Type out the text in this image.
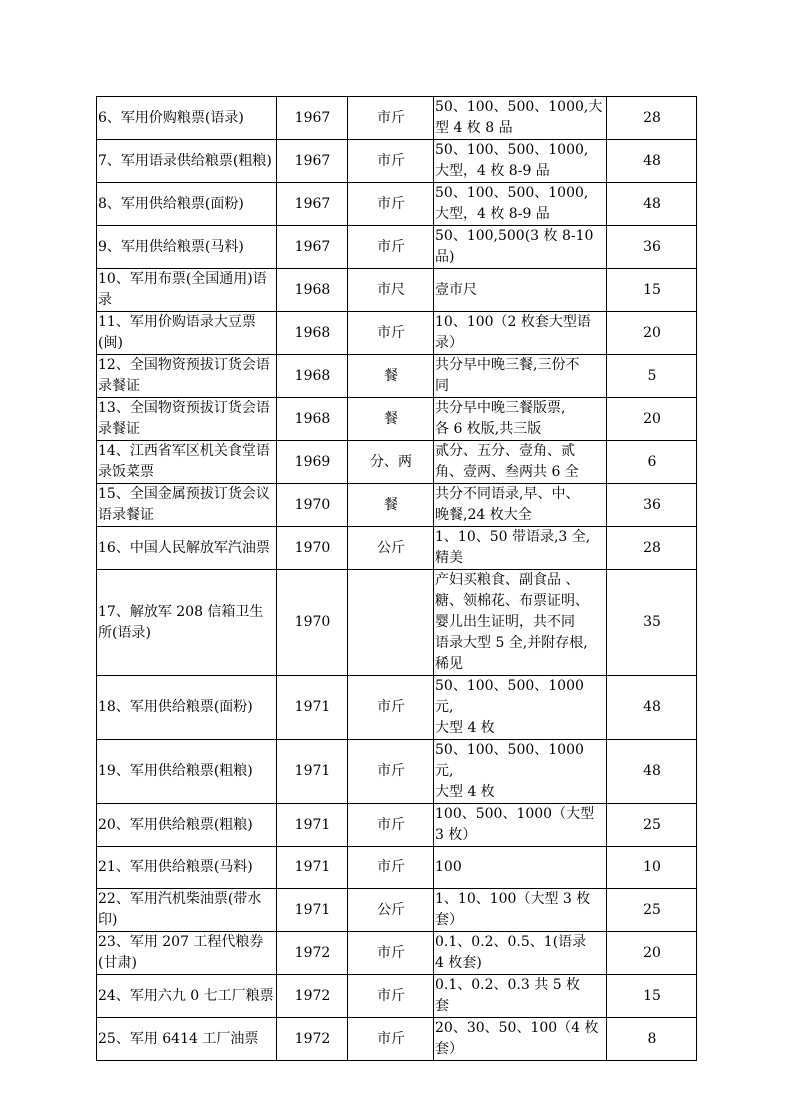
6、军用价购粮票(语录)	1967	市斤	50、100、500、1000,大
型 4 枚 8 品	28
7、军用语录供给粮票(粗粮)	1967	市斤	50、100、500、1000,
大型，4 枚 8-9 品	48
8、军用供给粮票(面粉)	1967	市斤	50、100、500、1000,
大型，4 枚 8-9 品	48
9、军用供给粮票(马料)	1967	市斤	50、100,500(3 枚 8-10
品)	36
10、军用布票(全国通用)语录	1968	市尺	壹市尺	15
11、军用价购语录大豆票(闽)	1968	市斤	10、100（2 枚套大型语
录）	20
12、全国物资预拔订货会语录餐证	1968	餐	共分早中晚三餐,三份不
同	5
13、全国物资预拔订货会语录餐证	1968	餐	共分早中晚三餐版票,
各 6 枚版,共三版	20
14、江西省军区机关食堂语录饭菜票	1969	分、两	贰分、五分、壹角、贰
角、壹两、叁两共 6 全	6
15、全国金属预拔订货会议语录餐证	1970	餐	共分不同语录,早、中、
晚餐,24 枚大全	36
16、中国人民解放军汽油票	1970	公斤	1、10、50 带语录,3 全,
精美	28
17、解放军 208 信箱卫生所(语录)	1970		产妇买粮食、副食品 、
糖、领棉花、布票证明、
婴儿出生证明，共不同
语录大型 5 全,并附存根,
稀见	35
18、军用供给粮票(面粉)	1971	市斤	50、100、500、1000 元,
大型 4 枚	48
19、军用供给粮票(粗粮)	1971	市斤	50、100、500、1000 元,
大型 4 枚	48
20、军用供给粮票(粗粮)	1971	市斤	100、500、1000（大型
3 枚）	25
21、军用供给粮票(马料)	1971	市斤	100	10
22、军用汽机柴油票(带水印)	1971	公斤	1、10、100（大型 3 枚
套）	25
23、军用 207 工程代粮券(甘肃)	1972	市斤	0.1、0.2、0.5、1(语录
4 枚套)	20
24、军用六九 0 七工厂粮票	1972	市斤	0.1、0.2、0.3 共 5 枚
套	15
25、军用 6414 工厂油票	1972	市斤	20、30、50、100（4 枚
套）	8
